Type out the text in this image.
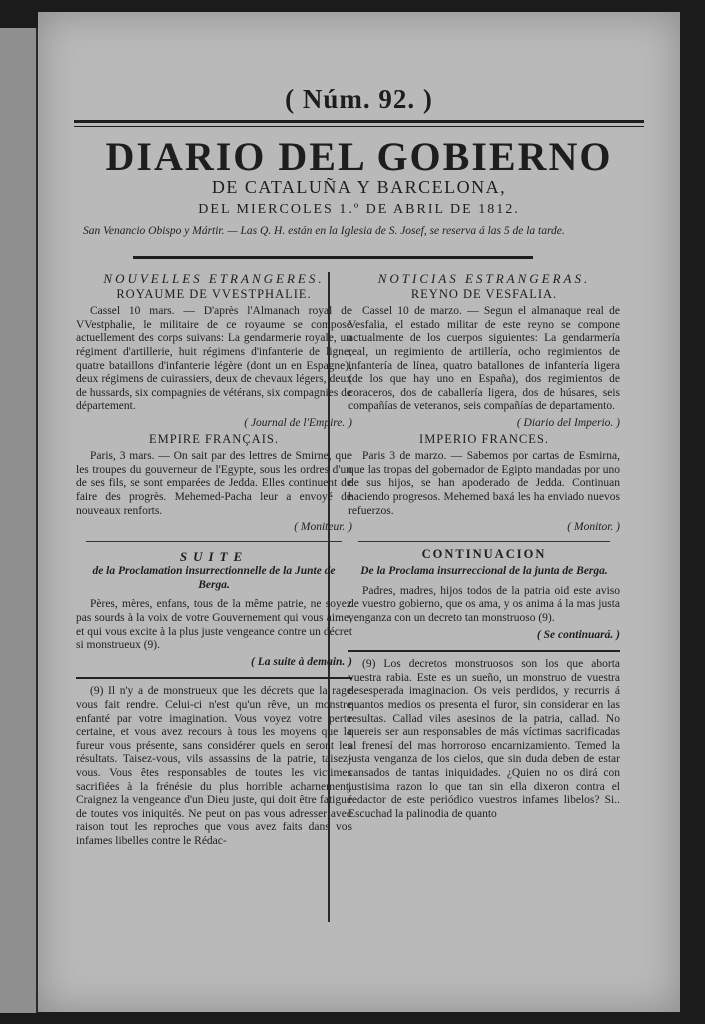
( Núm. 92. )
DIARIO DEL GOBIERNO
DE CATALUÑA Y BARCELONA,
DEL MIERCOLES 1.º DE ABRIL DE 1812.
San Venancio Obispo y Mártir. — Las Q. H. están en la Iglesia de S. Josef, se reserva á las 5 de la tarde.
NOUVELLES ETRANGERES.
ROYAUME DE VVESTPHALIE.

Cassel 10 mars. — D'après l'Almanach royal de VVestphalie, le militaire de ce royaume se compose actuellement des corps suivans: La gendarmerie royale, un régiment d'artillerie, huit régimens d'infanterie de ligne, quatre bataillons d'infanterie légère (dont un en Espagne), deux régimens de cuirassiers, deux de chevaux légers, deux de hussards, six compagnies de vétérans, six compagnies de département.

( Journal de l'Empire. )
EMPIRE FRANÇAIS.

Paris, 3 mars. — On sait par des lettres de Smirne, que les troupes du gouverneur de l'Egypte, sous les ordres d'un de ses fils, se sont emparées de Jedda. Elles continuent de faire des progrès. Mehemed-Pacha leur a envoyé de nouveaux renforts.

( Moniteur. )
SUITE
de la Proclamation insurrectionnelle de la Junte de Berga.

Pères, mères, enfans, tous de la même patrie, ne soyez pas sourds à la voix de votre Gouvernement qui vous aime, et qui vous excite à la plus juste vengeance contre un décret si monstrueux (9).

( La suite à demain. )

(9) Il n'y a de monstrueux que les décrets que la rage vous fait rendre. Celui-ci n'est qu'un rêve, un monstre enfanté par votre imagination. Vous voyez votre perte certaine, et vous avez recours à tous les moyens que la fureur vous présente, sans considérer quels en seront les résultats. Taisez-vous, vils assassins de la patrie, taisez-vous. Vous êtes responsables de toutes les victimes sacrifiées à la frénésie du plus horrible acharnement. Craignez la vengeance d'un Dieu juste, qui doit être fatigué de toutes vos iniquités. Ne peut on pas vous adresser avec raison tout les reproches que vous avez faits dans vos infames libelles contre le Rédac-

NOTICIAS ESTRANGERAS.
REYNO DE VESFALIA.

Cassel 10 de marzo. — Segun el almanaque real de Vesfalia, el estado militar de este reyno se compone actualmente de los cuerpos siguientes: La gendarmería real, un regimiento de artillería, ocho regimientos de infantería de línea, quatro batallones de infantería ligera (de los que hay uno en España), dos regimientos de coraceros, dos de caballería ligera, dos de húsares, seis compañías de veteranos, seis compañías de departamento.

( Diario del Imperio. )
IMPERIO FRANCES.

Paris 3 de marzo. — Sabemos por cartas de Esmirna, que las tropas del gobernador de Egipto mandadas por uno de sus hijos, se han apoderado de Jedda. Continuan haciendo progresos. Mehemed baxá les ha enviado nuevos refuerzos.

( Monitor. )
CONTINUACION
De la Proclama insurreccional de la junta de Berga.

Padres, madres, hijos todos de la patria oid este aviso de vuestro gobierno, que os ama, y os anima á la mas justa venganza con un decreto tan monstruoso (9).

( Se continuará. )

(9) Los decretos monstruosos son los que aborta vuestra rabia. Este es un sueño, un monstruo de vuestra desesperada imaginacion. Os veis perdidos, y recurris á quantos medios os presenta el furor, sin considerar en las resultas. Callad viles asesinos de la patria, callad. No quereis ser aun responsables de más víctimas sacrificadas al frenesí del mas horroroso encarnizamiento. Temed la justa venganza de los cielos, que sin duda deben de estar cansados de tantas iniquidades. ¿Quien no os dirá con justisima razon lo que tan sin ella dixeron contra el redactor de este periódico vuestros infames libelos? Si.. Escuchad la palinodia de quanto
